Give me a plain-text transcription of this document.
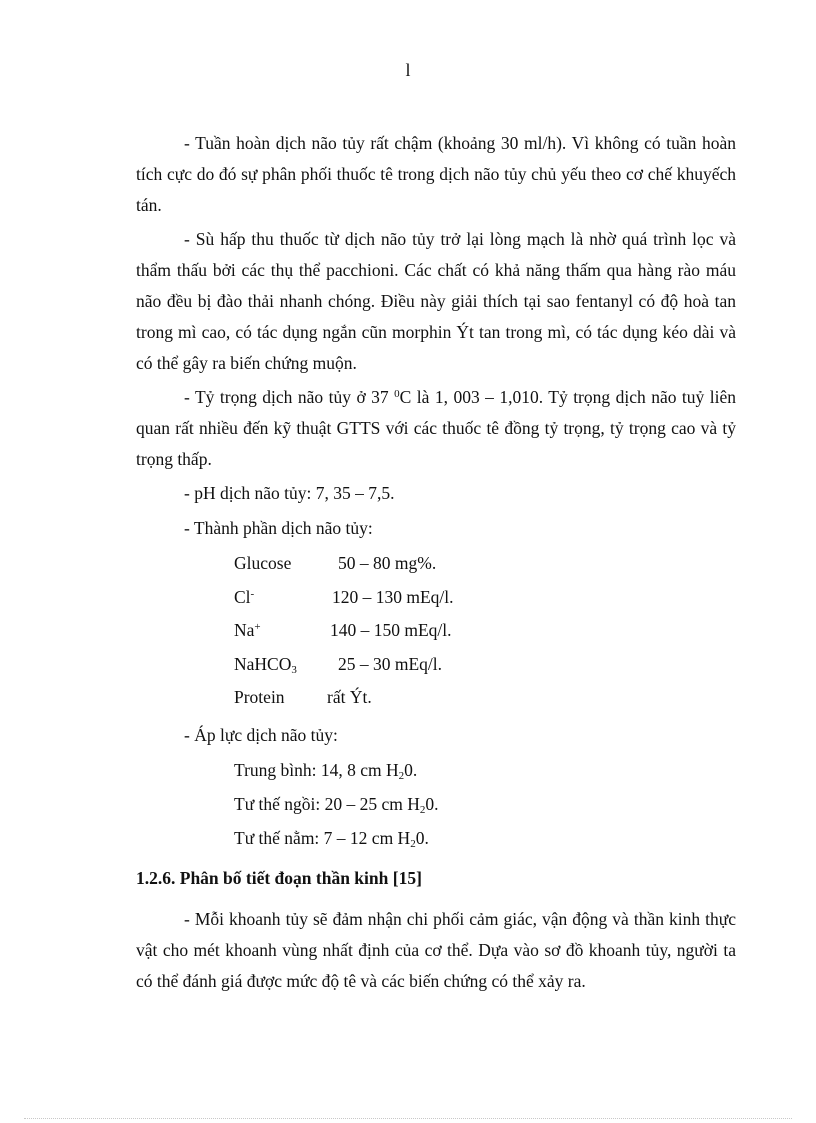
l

- Tuần hoàn dịch não tủy rất chậm (khoảng 30 ml/h). Vì không có tuần hoàn tích cực do đó sự phân phối thuốc tê trong dịch não tủy chủ yếu theo cơ chế khuyếch tán.

- Sù hấp thu thuốc từ dịch não tủy trở lại lòng mạch là nhờ quá trình lọc và thẩm thấu bởi các thụ thể pacchioni. Các chất có khả năng thấm qua hàng rào máu não đều bị đào thải nhanh chóng. Điều này giải thích tại sao fentanyl có độ hoà tan trong mì cao, có tác dụng ngắn cũn morphin Ýt tan trong mì, có tác dụng kéo dài và có thể gây ra biến chứng muộn.

- Tỷ trọng dịch não tủy ở 37 $^0$C là 1, 003 – 1,010. Tỷ trọng dịch não tuỷ liên quan rất nhiều đến kỹ thuật GTTS với các thuốc tê đồng tỷ trọng, tỷ trọng cao và tỷ trọng thấp.

- pH dịch não tủy: 7, 35 – 7,5.

- Thành phần dịch não tủy:

Glucose	50 – 80 mg%.
Cl-	120 – 130 mEq/l.
Na+	140 – 150 mEq/l.
NaHCO$_3$	25 – 30 mEq/l.
Protein	rất Ýt.

- Áp lực dịch não tủy:

Trung bình: 14, 8 cm $H_20$.
Tư thế ngồi: 20 – 25 cm $H_20$.
Tư thế nằm: 7 – 12 cm $H_20$.
1.2.6. Phân bố tiết đoạn thần kinh [15]

- Mỗi khoanh tủy sẽ đảm nhận chi phối cảm giác, vận động và thần kinh thực vật cho mét khoanh vùng nhất định của cơ thể. Dựa vào sơ đồ khoanh tủy, người ta có thể đánh giá được mức độ tê và các biến chứng có thể xảy ra.
